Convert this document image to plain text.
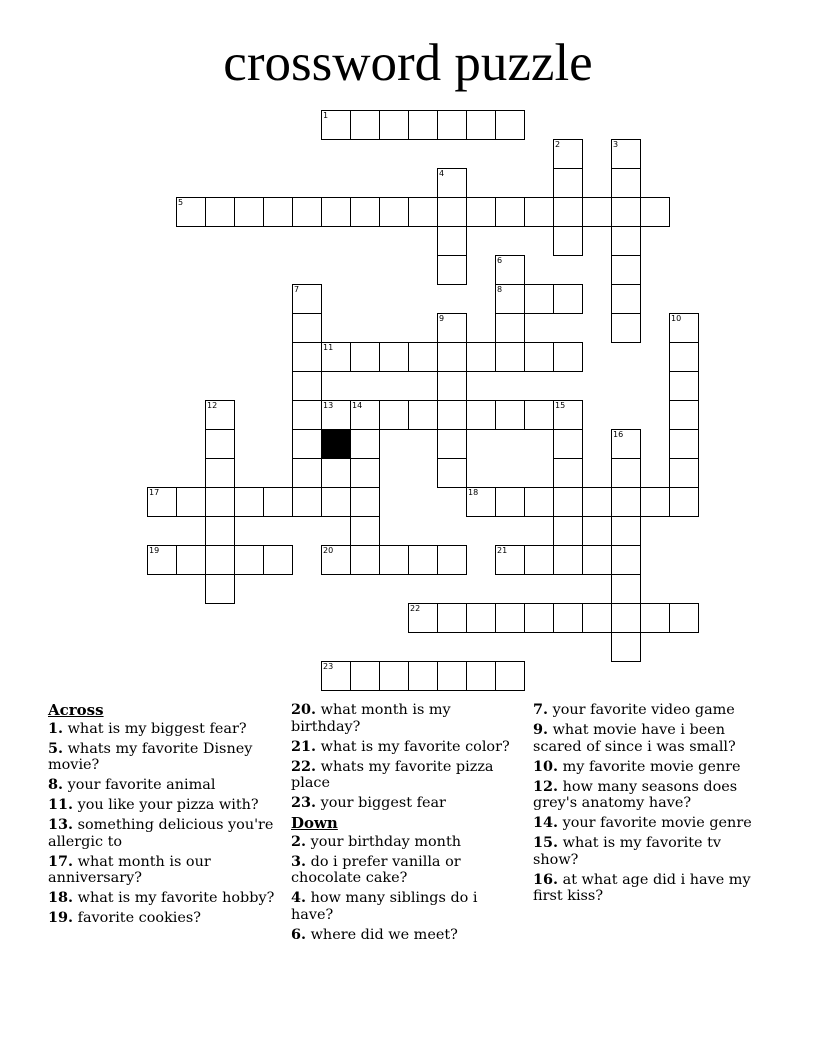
crossword puzzle
1
2	3
4
5
6
8
7
9	10
11
12	13 14	15
16
17	18
19	20	21
22
23
Across
1. what is my biggest fear?
5. whats my favorite Disney movie?
8. your favorite animal
11. you like your pizza with?
13. something delicious you're allergic to
17. what month is our anniversary?
18. what is my favorite hobby?
19. favorite cookies?
20. what month is my birthday?
21. what is my favorite color?
22. whats my favorite pizza place
23. your biggest fear
Down
2. your birthday month
3. do i prefer vanilla or chocolate cake?
4. how many siblings do i have?
6. where did we meet?
7. your favorite video game
9. what movie have i been scared of since i was small?
10. my favorite movie genre
12. how many seasons does grey's anatomy have?
14. your favorite movie genre
15. what is my favorite tv show?
16. at what age did i have my first kiss?
